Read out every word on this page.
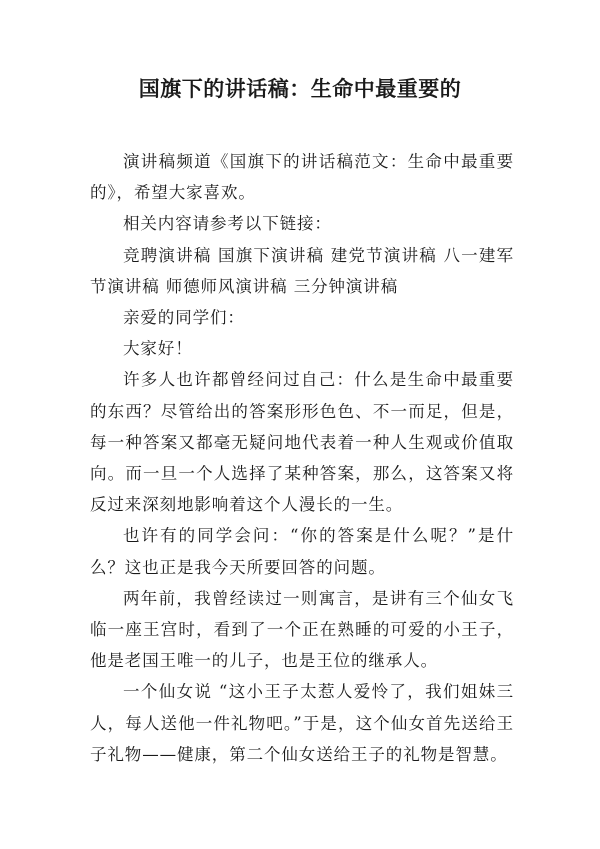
国旗下的讲话稿：生命中最重要的

演讲稿频道《国旗下的讲话稿范文：生命中最重要的》，希望大家喜欢。

相关内容请参考以下链接：

竞聘演讲稿 国旗下演讲稿 建党节演讲稿 八一建军节演讲稿 师德师风演讲稿 三分钟演讲稿

亲爱的同学们：

大家好！

许多人也许都曾经问过自己：什么是生命中最重要的东西？尽管给出的答案形形色色、不一而足，但是，每一种答案又都毫无疑问地代表着一种人生观或价值取向。而一旦一个人选择了某种答案，那么，这答案又将反过来深刻地影响着这个人漫长的一生。

也许有的同学会问：“你的答案是什么呢？”是什么？这也正是我今天所要回答的问题。

两年前，我曾经读过一则寓言，是讲有三个仙女飞临一座王宫时，看到了一个正在熟睡的可爱的小王子，他是老国王唯一的儿子，也是王位的继承人。

一个仙女说 “这小王子太惹人爱怜了，我们姐妹三人，每人送他一件礼物吧。”于是，这个仙女首先送给王子礼物——健康，第二个仙女送给王子的礼物是智慧。
